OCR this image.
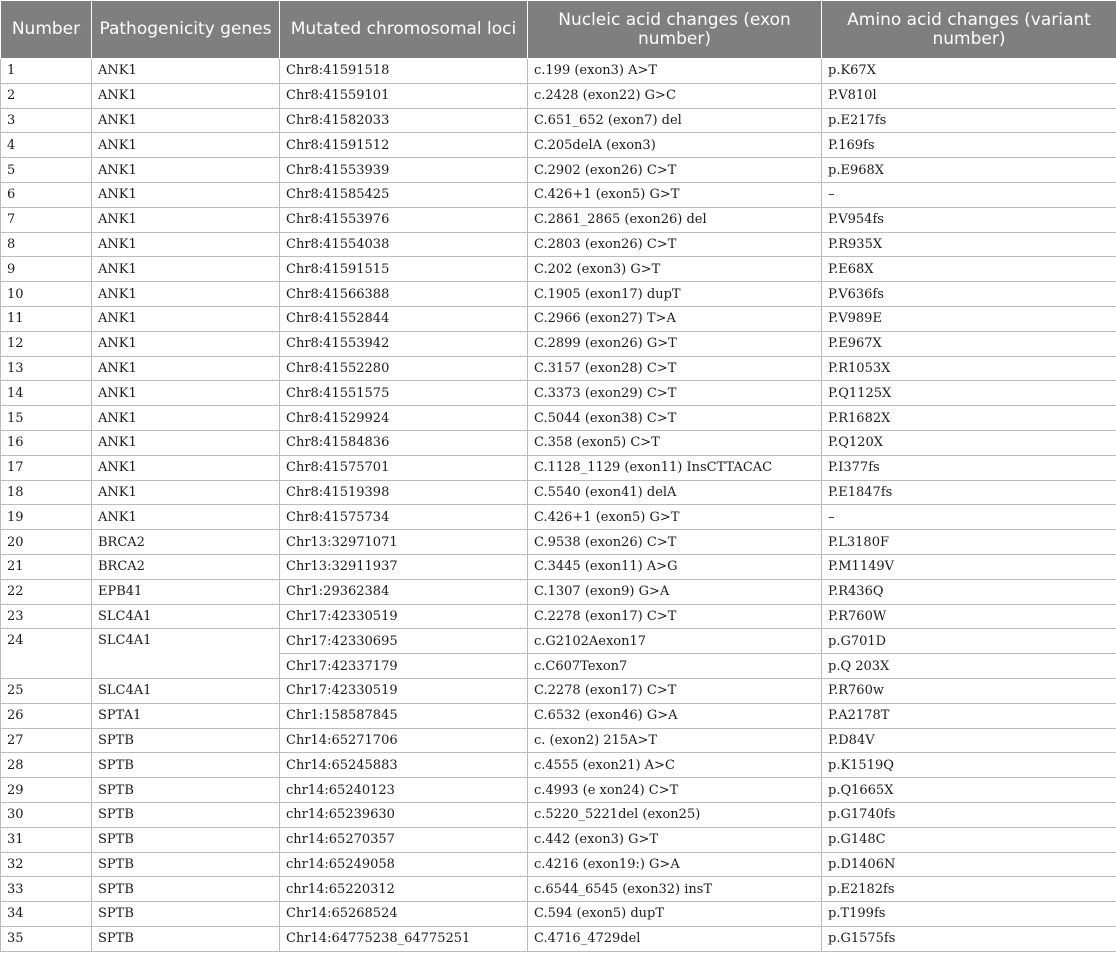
Number	Pathogenicity genes	Mutated chromosomal loci	Nucleic acid changes (exon number)	Amino acid changes (variant number)
1	ANK1	Chr8:41591518	c.199 (exon3) A>T	p.K67X
2	ANK1	Chr8:41559101	c.2428 (exon22) G>C	P.V810l
3	ANK1	Chr8:41582033	C.651_652 (exon7) del	p.E217fs
4	ANK1	Chr8:41591512	C.205delA (exon3)	P.169fs
5	ANK1	Chr8:41553939	C.2902 (exon26) C>T	p.E968X
6	ANK1	Chr8:41585425	C.426+1 (exon5) G>T	–
7	ANK1	Chr8:41553976	C.2861_2865 (exon26) del	P.V954fs
8	ANK1	Chr8:41554038	C.2803 (exon26) C>T	P.R935X
9	ANK1	Chr8:41591515	C.202 (exon3) G>T	P.E68X
10	ANK1	Chr8:41566388	C.1905 (exon17) dupT	P.V636fs
11	ANK1	Chr8:41552844	C.2966 (exon27) T>A	P.V989E
12	ANK1	Chr8:41553942	C.2899 (exon26) G>T	P.E967X
13	ANK1	Chr8:41552280	C.3157 (exon28) C>T	P.R1053X
14	ANK1	Chr8:41551575	C.3373 (exon29) C>T	P.Q1125X
15	ANK1	Chr8:41529924	C.5044 (exon38) C>T	P.R1682X
16	ANK1	Chr8:41584836	C.358 (exon5) C>T	P.Q120X
17	ANK1	Chr8:41575701	C.1128_1129 (exon11) InsCTTACAC	P.I377fs
18	ANK1	Chr8:41519398	C.5540 (exon41) delA	P.E1847fs
19	ANK1	Chr8:41575734	C.426+1 (exon5) G>T	–
20	BRCA2	Chr13:32971071	C.9538 (exon26) C>T	P.L3180F
21	BRCA2	Chr13:32911937	C.3445 (exon11) A>G	P.M1149V
22	EPB41	Chr1:29362384	C.1307 (exon9) G>A	P.R436Q
23	SLC4A1	Chr17:42330519	C.2278 (exon17) C>T	P.R760W
24	SLC4A1	Chr17:42330695	c.G2102Aexon17	p.G701D
		Chr17:42337179	c.C607Texon7	p.Q 203X
25	SLC4A1	Chr17:42330519	C.2278 (exon17) C>T	P.R760w
26	SPTA1	Chr1:158587845	C.6532 (exon46) G>A	P.A2178T
27	SPTB	Chr14:65271706	c. (exon2) 215A>T	P.D84V
28	SPTB	Chr14:65245883	c.4555 (exon21) A>C	p.K1519Q
29	SPTB	chr14:65240123	c.4993 (e xon24) C>T	p.Q1665X
30	SPTB	chr14:65239630	c.5220_5221del (exon25)	p.G1740fs
31	SPTB	chr14:65270357	c.442 (exon3) G>T	p.G148C
32	SPTB	chr14:65249058	c.4216 (exon19:) G>A	p.D1406N
33	SPTB	chr14:65220312	c.6544_6545 (exon32) insT	p.E2182fs
34	SPTB	Chr14:65268524	C.594 (exon5) dupT	p.T199fs
35	SPTB	Chr14:64775238_64775251	C.4716_4729del	p.G1575fs
